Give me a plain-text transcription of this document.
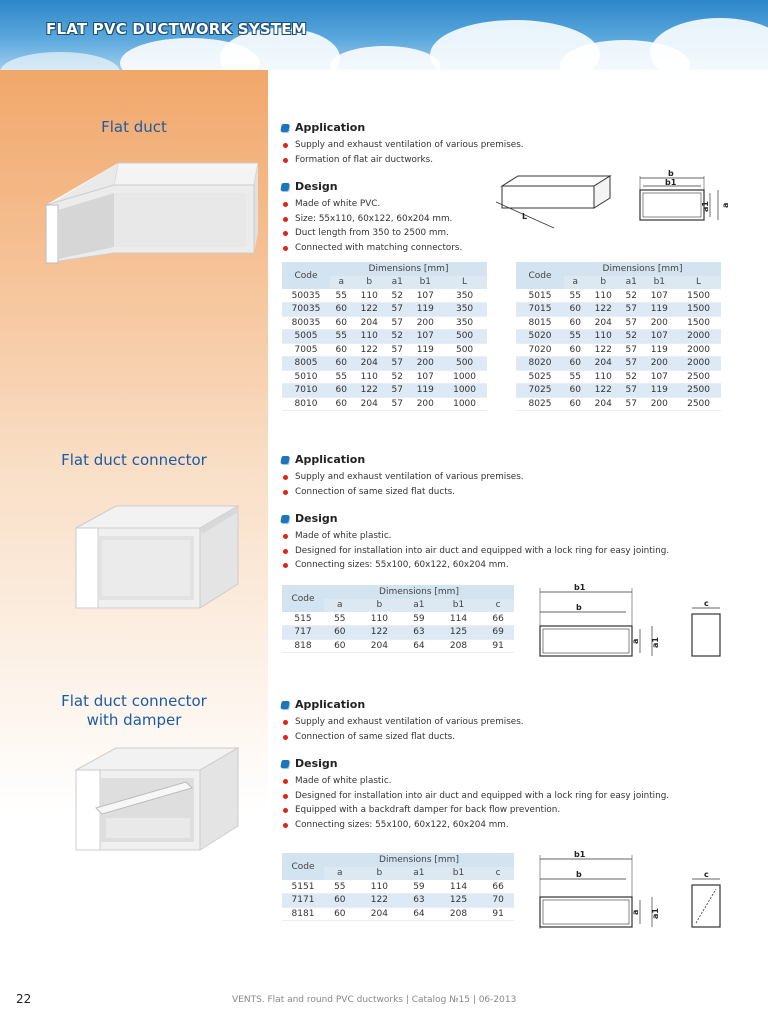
FLAT PVC DUCTWORK SYSTEM
Flat duct	Application
Supply and exhaust ventilation of various premises.
Formation of flat air ductworks.
Design
Made of white PVC.
Size: 55x110, 60x122, 60x204 mm.
Duct length from 350 to 2500 mm.
Connected with matching connectors.
L
b
b1
a1 a
Code	Dimensions [mm]				
	a	b	a1	b1	L
50035	55	110	52	107	350
70035	60	122	57	119	350
80035	60	204	57	200	350
5005	55	110	52	107	500
7005	60	122	57	119	500
8005	60	204	57	200	500
5010	55	110	52	107	1000
7010	60	122	57	119	1000
8010	60	204	57	200	1000
Code	Dimensions [mm]				
	a	b	a1	b1	L
5015	55	110	52	107	1500
7015	60	122	57	119	1500
8015	60	204	57	200	1500
5020	55	110	52	107	2000
7020	60	122	57	119	2000
8020	60	204	57	200	2000
5025	55	110	52	107	2500
7025	60	122	57	119	2500
8025	60	204	57	200	2500
Flat duct connector	Application
Supply and exhaust ventilation of various premises.
Connection of same sized flat ducts.
Design
Made of white plastic.
Designed for installation into air duct and equipped with a lock ring for easy jointing.
Connecting sizes: 55x100, 60x122, 60x204 mm.
Code	Dimensions [mm]				
	a	b	a1	b1	c
515	55	110	59	114	66
717	60	122	63	125	69
818	60	204	64	208	91
b1
b
a a1
c
Flat duct connector
with damper
Application
Supply and exhaust ventilation of various premises.
Connection of same sized flat ducts.
Design
Made of white plastic.
Designed for installation into air duct and equipped with a lock ring for easy jointing.
Equipped with a backdraft damper for back flow prevention.
Connecting sizes: 55x100, 60x122, 60x204 mm.
Code	Dimensions [mm]				
	a	b	a1	b1	c
5151	55	110	59	114	66
7171	60	122	63	125	70
8181	60	204	64	208	91
b1
b
a a1
c
22	VENTS. Flat and round PVC ductworks | Catalog №15 | 06-2013
